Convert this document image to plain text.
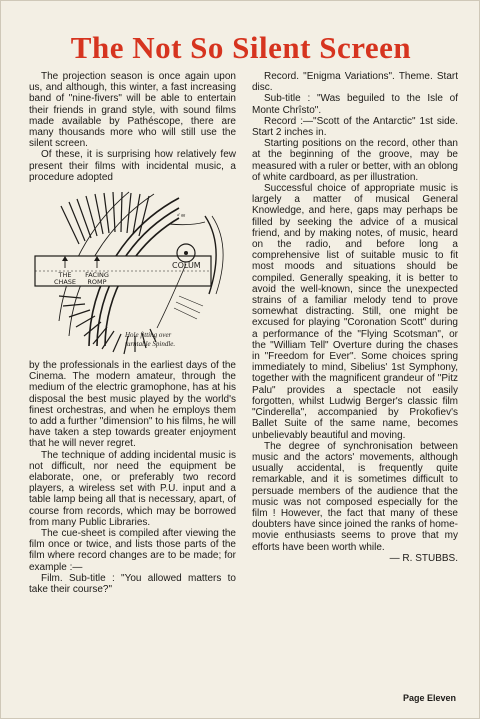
The Not So Silent Screen

The projection season is once again upon us, and although, this winter, a fast increasing band of "nine-fivers" will be able to entertain their friends in grand style, with sound films made available by Pathéscope, there are many thousands more who will still use the silent screen.

Of these, it is surprising how relatively few present their films with incidental music, a procedure adopted

ᵈ ᵍᵍ
THE
CHASE
FACING
ROMP
COLUM
Hole fitting over
turntable Spindle.

by the professionals in the earliest days of the Cinema. The modern amateur, through the medium of the electric gramophone, has at his disposal the best music played by the world's finest orchestras, and when he employs them to add a further "dimension" to his films, he will have taken a step towards greater enjoyment that he will never regret.

The technique of adding incidental music is not difficult, nor need the equipment be elaborate, one, or preferably two record players, a wireless set with P.U. input and a table lamp being all that is necessary, apart, of course from records, which may be borrowed from many Public Libraries.

The cue-sheet is compiled after viewing the film once or twice, and lists those parts of the film where record changes are to be made; for example :—

Film. Sub-title : "You allowed matters to take their course?"

Record. "Enigma Variations". Theme. Start disc.

Sub-title : "Was beguiled to the Isle of Monte Chrîsto".

Record :—"Scott of the Antarctic" 1st side. Start 2 inches in.

Starting positions on the record, other than at the beginning of the groove, may be measured with a ruler or better, with an oblong of white cardboard, as per illustration.

Successful choice of appropriate music is largely a matter of musical General Knowledge, and here, gaps may perhaps be filled by seeking the advice of a musical friend, and by making notes, of music, heard on the radio, and before long a comprehensive list of suitable music to fit most moods and situations should be compiled. Generally speaking, it is better to avoid the well-known, since the unexpected strains of a familiar melody tend to prove somewhat distracting. Still, one might be excused for playing "Coronation Scott" during a performance of the "Flying Scotsman", or the "William Tell" Overture during the chases in "Freedom for Ever". Some choices spring immediately to mind, Sibelius' 1st Symphony, together with the magnificent grandeur of "Pitz Palu" provides a spectacle not easily forgotten, whilst Ludwig Berger's classic film "Cinderella", accompanied by Prokofiev's Ballet Suite of the same name, becomes unbelievably beautiful and moving.

The degree of synchronisation between music and the actors' movements, although usually accidental, is frequently quite remarkable, and it is sometimes difficult to persuade members of the audience that the music was not composed especially for the film ! However, the fact that many of these doubters have since joined the ranks of home-movie enthusiasts seems to prove that my efforts have been worth while.

— R. STUBBS.

Page Eleven
